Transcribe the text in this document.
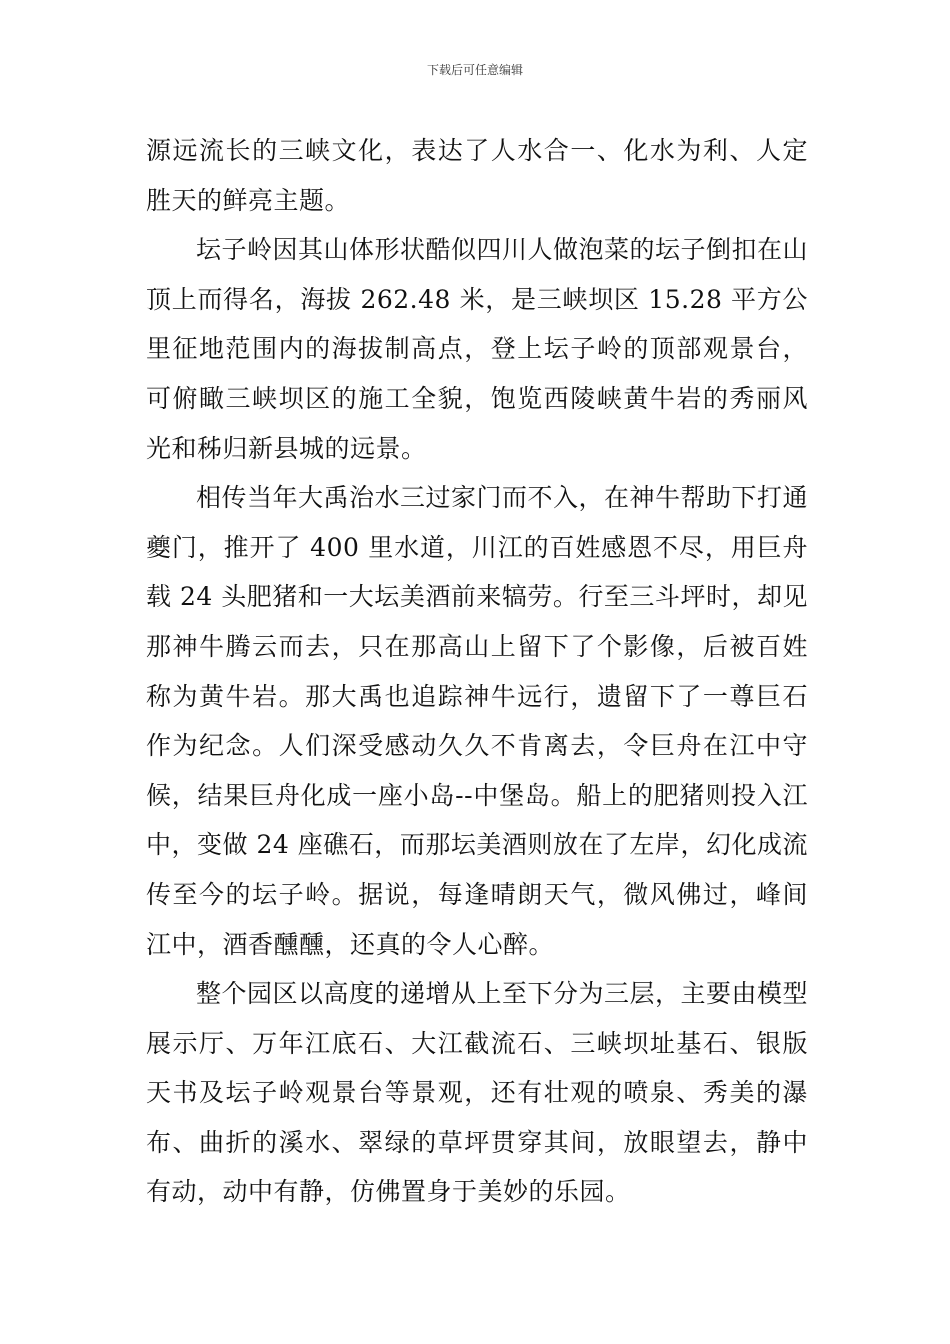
下载后可任意编辑

源远流长的三峡文化，表达了人水合一、化水为利、人定胜天的鲜亮主题。

坛子岭因其山体形状酷似四川人做泡菜的坛子倒扣在山顶上而得名，海拔 262.48 米，是三峡坝区 15.28 平方公里征地范围内的海拔制高点，登上坛子岭的顶部观景台，可俯瞰三峡坝区的施工全貌，饱览西陵峡黄牛岩的秀丽风光和秭归新县城的远景。

相传当年大禹治水三过家门而不入，在神牛帮助下打通夔门，推开了 400 里水道，川江的百姓感恩不尽，用巨舟载 24 头肥猪和一大坛美酒前来犒劳。行至三斗坪时，却见那神牛腾云而去，只在那高山上留下了个影像，后被百姓称为黄牛岩。那大禹也追踪神牛远行，遗留下了一尊巨石作为纪念。人们深受感动久久不肯离去，令巨舟在江中守候，结果巨舟化成一座小岛--中堡岛。船上的肥猪则投入江中，变做 24 座礁石，而那坛美酒则放在了左岸，幻化成流传至今的坛子岭。据说，每逢晴朗天气，微风佛过，峰间江中，酒香醺醺，还真的令人心醉。

整个园区以高度的递增从上至下分为三层，主要由模型展示厅、万年江底石、大江截流石、三峡坝址基石、银版天书及坛子岭观景台等景观，还有壮观的喷泉、秀美的瀑布、曲折的溪水、翠绿的草坪贯穿其间，放眼望去，静中有动，动中有静，仿佛置身于美妙的乐园。
